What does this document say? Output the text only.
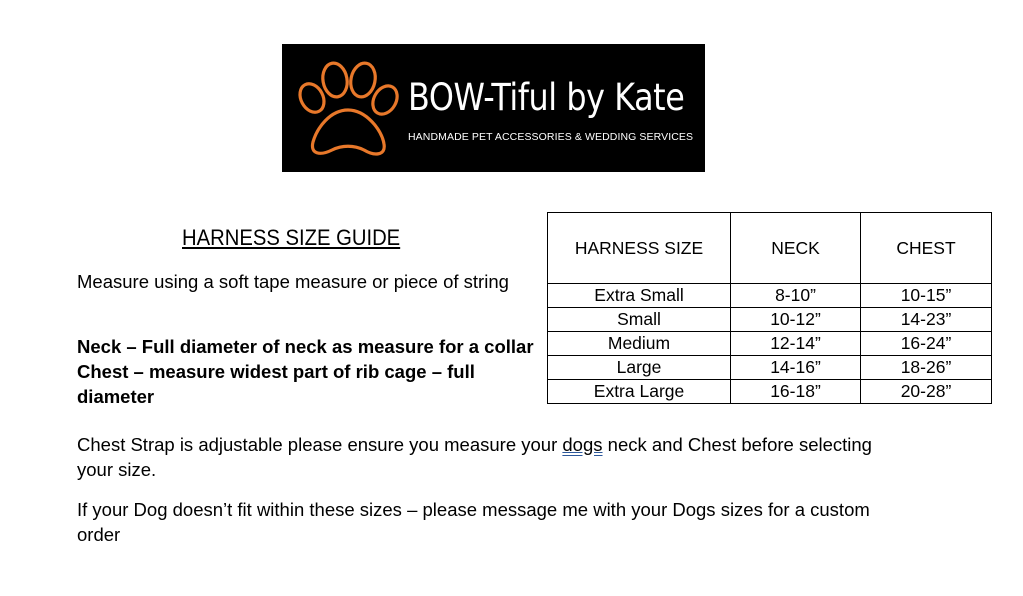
BOW-Tiful by Kate
HANDMADE PET ACCESSORIES & WEDDING SERVICES
HARNESS SIZE GUIDE

Measure using a soft tape measure or piece of string

Neck – Full diameter of neck as measure for a collar
Chest – measure widest part of rib cage – full diameter

Chest Strap is adjustable please ensure you measure your dogs neck and Chest before selecting your size.

If your Dog doesn’t fit within these sizes – please message me with your Dogs sizes for a custom order

HARNESS SIZE	NECK	CHEST
Extra Small	8-10”	10-15”
Small	10-12”	14-23”
Medium	12-14”	16-24”
Large	14-16”	18-26”
Extra Large	16-18”	20-28”
